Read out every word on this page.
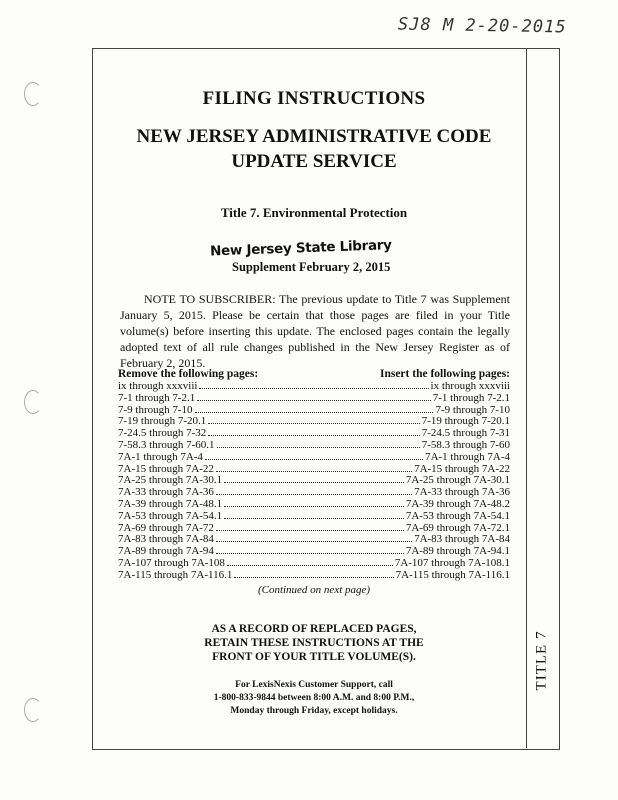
SJ8 M 2-20-2015
TITLE 7
FILING INSTRUCTIONS
NEW JERSEY ADMINISTRATIVE CODE
UPDATE SERVICE
Title 7. Environmental Protection
New Jersey State Library
Supplement February 2, 2015
NOTE TO SUBSCRIBER: The previous update to Title 7 was Supplement January 5, 2015. Please be certain that those pages are filed in your Title volume(s) before inserting this update. The enclosed pages contain the legally adopted text of all rule changes published in the New Jersey Register as of February 2, 2015.
Remove the following pages:	Insert the following pages:
ix through xxxviii	ix through xxxviii
7-1 through 7-2.1	7-1 through 7-2.1
7-9 through 7-10	7-9 through 7-10
7-19 through 7-20.1	7-19 through 7-20.1
7-24.5 through 7-32	7-24.5 through 7-31
7-58.3 through 7-60.1	7-58.3 through 7-60
7A-1 through 7A-4	7A-1 through 7A-4
7A-15 through 7A-22	7A-15 through 7A-22
7A-25 through 7A-30.1	7A-25 through 7A-30.1
7A-33 through 7A-36	7A-33 through 7A-36
7A-39 through 7A-48.1	7A-39 through 7A-48.2
7A-53 through 7A-54.1	7A-53 through 7A-54.1
7A-69 through 7A-72	7A-69 through 7A-72.1
7A-83 through 7A-84	7A-83 through 7A-84
7A-89 through 7A-94	7A-89 through 7A-94.1
7A-107 through 7A-108	7A-107 through 7A-108.1
7A-115 through 7A-116.1	7A-115 through 7A-116.1
(Continued on next page)
AS A RECORD OF REPLACED PAGES,
RETAIN THESE INSTRUCTIONS AT THE
FRONT OF YOUR TITLE VOLUME(S).
For LexisNexis Customer Support, call
1-800-833-9844 between 8:00 A.M. and 8:00 P.M.,
Monday through Friday, except holidays.
